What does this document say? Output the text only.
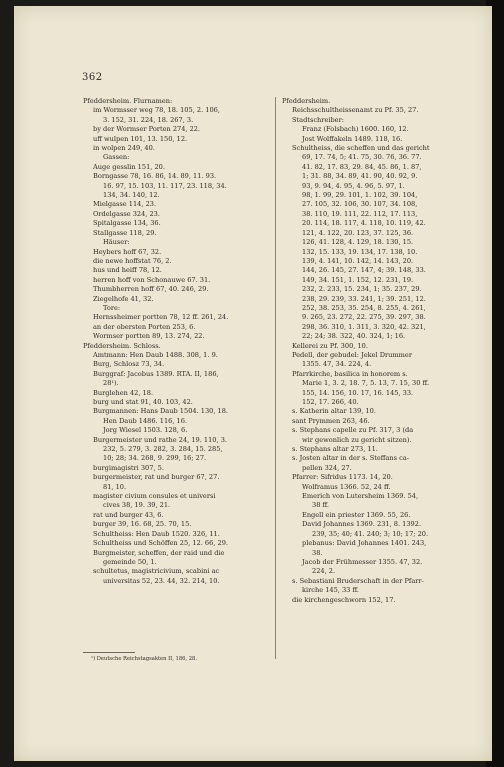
362
Pfeddersheim. Flurnamen:
im Wormsser weg 78, 18. 105, 2. 106,
3. 152, 31. 224, 18. 267, 3.
by der Wormser Porten 274, 22.
uff wulpen 101, 13. 150, 12.
in wolpen 249, 40.
Gassen:
Auge gesslin 151, 20.
Borngasse 78, 16. 86, 14. 89, 11. 93.
16. 97, 15. 103, 11. 117, 23. 118, 34.
134, 34. 140, 12.
Mielgasse 114, 23.
Ordelgasse 324, 23.
Spitalgasse 134, 36.
Stallgasse 118, 29.
Häuser:
Heybers hoff 67, 32.
die newe hoffstat 76, 2.
hus und heiff 78, 12.
herren hoff von Schonauwe 67. 31.
Thumbherren hoff 67, 40. 246, 29.
Ziegelhofe 41, 32.
Tore:
Hernssheimer portten 78, 12 ff. 261, 24.
an der obersten Porten 253, 6.
Wormser portten 89, 13. 274, 22.
Pfeddersheim. Schloss.
Amtmann: Hen Daub 1488. 308, 1. 9.
Burg, Schlosz 73, 34.
Burggraf: Jacobus 1389. RTA. II, 186,
28¹).
Burglehen 42, 18.
burg und stat 91, 40. 103, 42.
Burgmannen: Hans Daub 1504. 130, 18.
Hen Daub 1486. 116, 16.
Jorg Wiesel 1503. 128, 6.
Burgermeister und rathe 24, 19. 110, 3.
232, 5. 279, 3. 282, 3. 284, 15. 285,
10; 28; 34. 268, 9. 299, 16; 27.
burgimagistri 307, 5.
burgermeister, rat und burger 67, 27.
81, 10.
magister civium consules et universi
cives 38, 19. 39, 21.
rat und burger 43, 6.
burger 39, 16. 68, 25. 70, 15.
Schultheiss: Hen Daub 1520. 326, 11.
Schultheiss und Schöffen 25, 12. 66, 29.
Burgmeister, scheffen, der raid und die
gemeinde 50, 1.
schultetus, magistricivium, scabini ac
universitas 52, 23. 44, 32. 214, 10.
Pfeddersheim.
Reichsschultheissenamt zu Pf. 35, 27.
Stadtschreiber:
Franz (Folsbach) 1600. 160, 12.
Jost Wolffakeln 1489. 118, 16.
Schultheiss, die scheffen und das gericht
69, 17. 74, 5; 41. 75, 30. 76, 36. 77.
41. 82, 17. 83, 29. 84, 45. 86, 1. 87,
1; 31. 88, 34. 89, 41. 90, 40. 92, 9.
93, 9. 94, 4. 95, 4. 96, 5. 97, 1.
98, 1. 99, 29. 101, 1. 102, 39. 104,
27. 105, 32. 106, 30. 107, 34. 108,
38. 110, 19. 111, 22. 112, 17. 113,
20. 114, 18. 117, 4. 118, 10. 119, 42.
121, 4. 122, 20. 123, 37. 125, 36.
126, 41. 128, 4. 129, 18. 130, 15.
132, 15. 133, 19. 134, 17. 138, 10.
139, 4. 141, 10. 142, 14. 143, 20.
144, 26. 145, 27. 147, 4; 39. 148, 33.
149, 34. 151, 1. 152, 12. 231, 19.
232, 2. 233, 15. 234, 1; 35. 237, 29.
238, 29. 239, 33. 241, 1; 39. 251, 12.
252, 38. 253, 35. 254, 8. 255, 4. 261,
9. 265, 23. 272, 22. 275, 39. 297, 38.
298, 36. 310, 1. 311, 3. 320, 42. 321,
22; 24; 38. 322, 40. 324, 1; 16.
Kellerei zu Pf. 300, 10.
Pedell, der gebudel: Jekel Drummer
1355. 47, 34. 224, 4.
Pfarrkirche, basilica in honorem s.
Marie 1, 3. 2, 18. 7, 5. 13, 7. 15, 30 ff.
155, 14. 156, 10. 17, 16. 145, 33.
152, 17. 266, 40.
s. Katherin altar 139, 10.
sant Prymmen 263, 46.
s. Stephans capelle zu Pf. 317, 3 (da
wir gewonlich zu gericht sitzen).
s. Stephans altar 273, 11.
s. Josten altar in der s. Steffans ca-
pellen 324, 27.
Pfarrer: Sifridus 1173. 14, 20.
Wolframus 1366. 52, 24 ff.
Emerich von Lutersheim 1369. 54,
38 ff.
Engell ein priester 1369. 55, 26.
David Johannes 1369. 231, 8. 1392.
239, 35; 40; 41. 240; 3; 10; 17; 20.
plebanus: David Johannes 1401. 243,
38.
Jacob der Frühmesser 1355. 47, 32.
224, 2.
s. Sebastiani Bruderschaft in der Pfarr-
kirche 145, 33 ff.
die kirchengeschworn 152, 17.
¹) Deutsche Reichstagsakten II, 186, 28.
